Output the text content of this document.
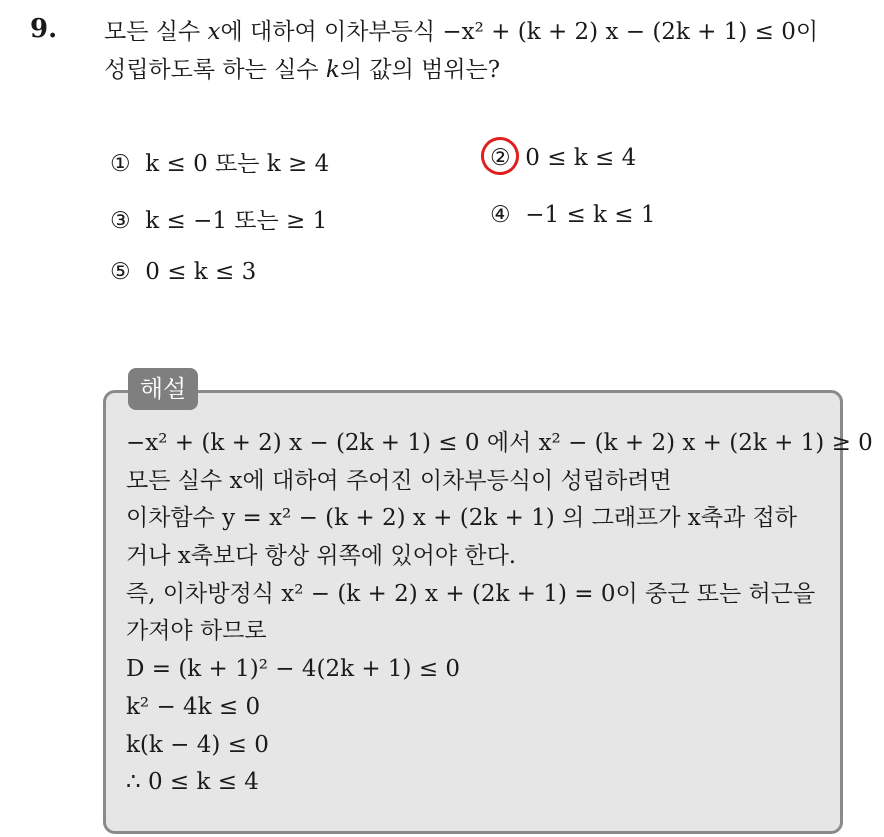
9. 모든 실수 x에 대하여 이차부등식 −x² + (k + 2) x − (2k + 1) ≤ 0이
성립하도록 하는 실수 k의 값의 범위는?
① k ≤ 0 또는 k ≥ 4	② 0 ≤ k ≤ 4
③ k ≤ −1 또는 ≥ 1	④ −1 ≤ k ≤ 1
⑤ 0 ≤ k ≤ 3
해설
−x² + (k + 2) x − (2k + 1) ≤ 0 에서 x² − (k + 2) x + (2k + 1) ≥ 0
모든 실수 x에 대하여 주어진 이차부등식이 성립하려면
이차함수 y = x² − (k + 2) x + (2k + 1) 의 그래프가 x축과 접하
거나 x축보다 항상 위쪽에 있어야 한다.
즉, 이차방정식 x² − (k + 2) x + (2k + 1) = 0이 중근 또는 허근을
가져야 하므로
D = (k + 1)² − 4(2k + 1) ≤ 0
k² − 4k ≤ 0
k(k − 4) ≤ 0
∴ 0 ≤ k ≤ 4
